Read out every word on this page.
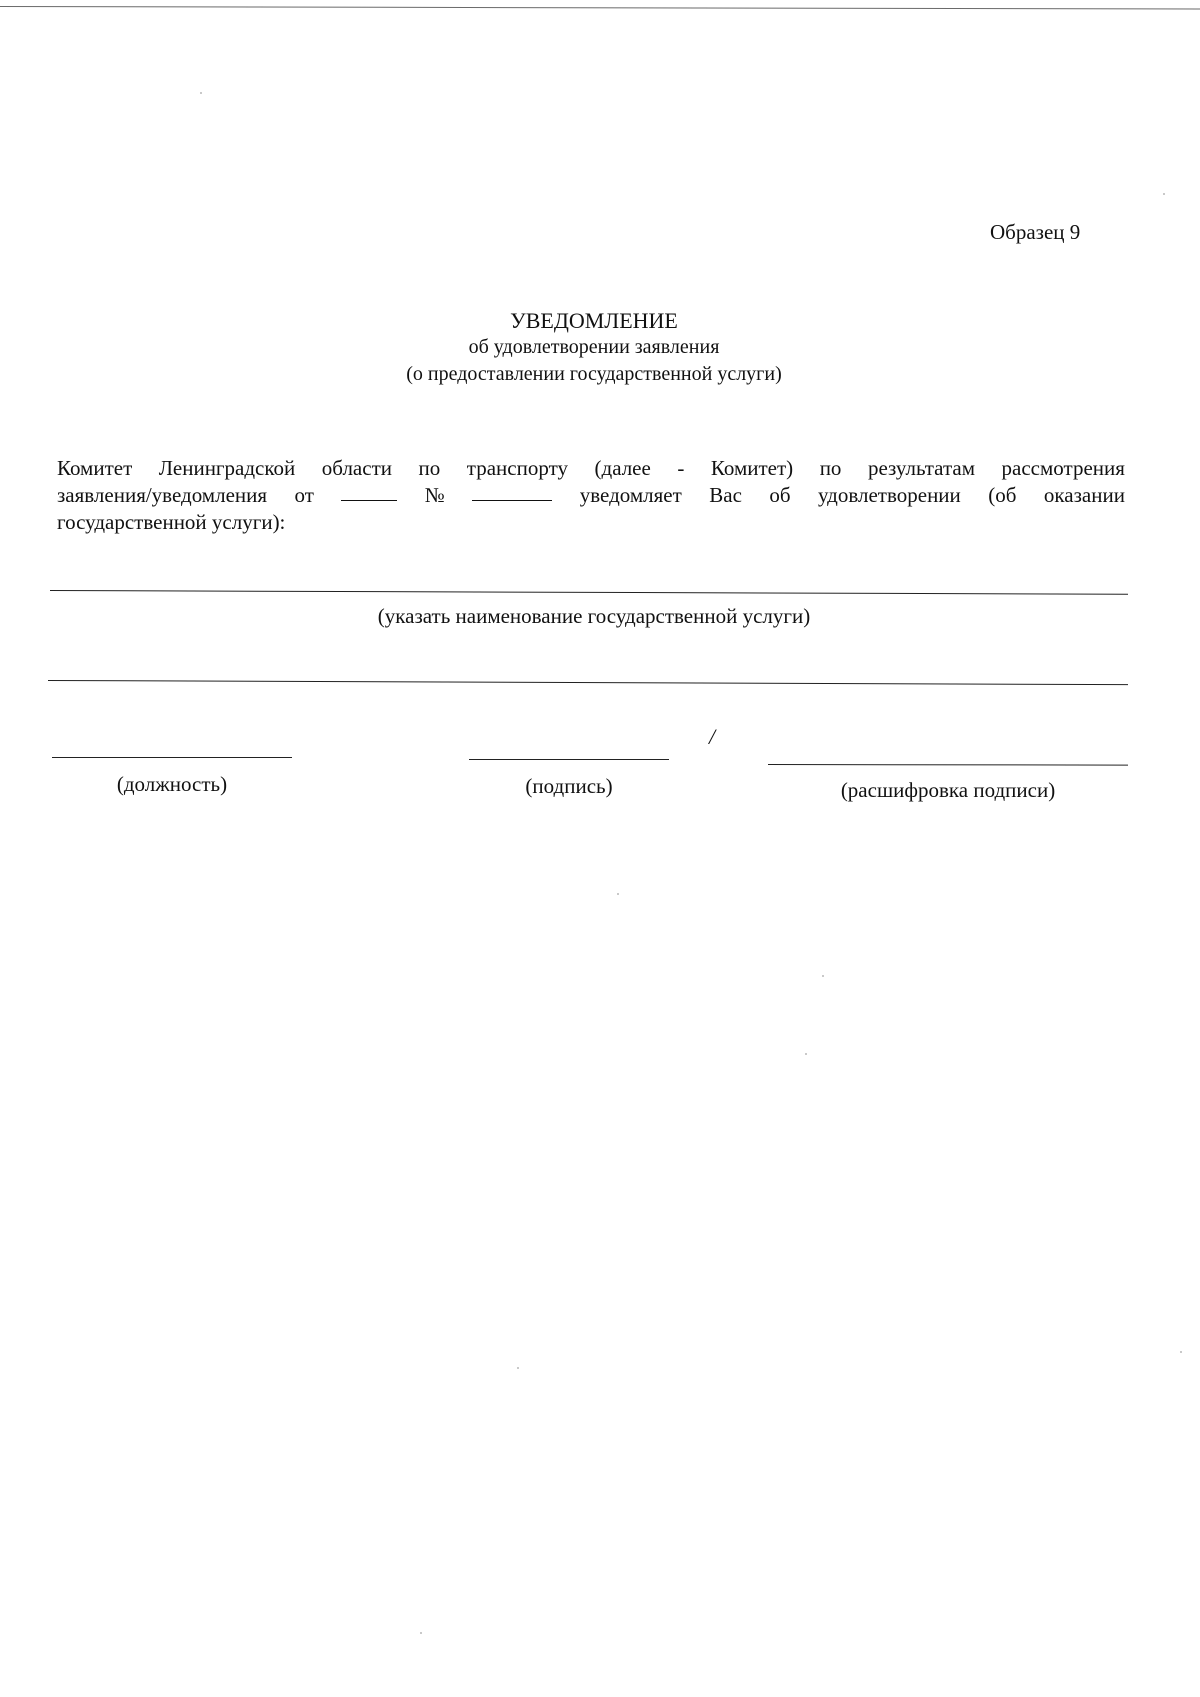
Образец 9
УВЕДОМЛЕНИЕ
об удовлетворении заявления
(о предоставлении государственной услуги)
Комитет Ленинградской области по транспорту (далее - Комитет) по результатам рассмотрения
заявления/уведомления от	№	уведомляет Вас об удовлетворении (об оказании
государственной услуги):
(указать наименование государственной услуги)
/
(должность)	(подпись)	(расшифровка подписи)
